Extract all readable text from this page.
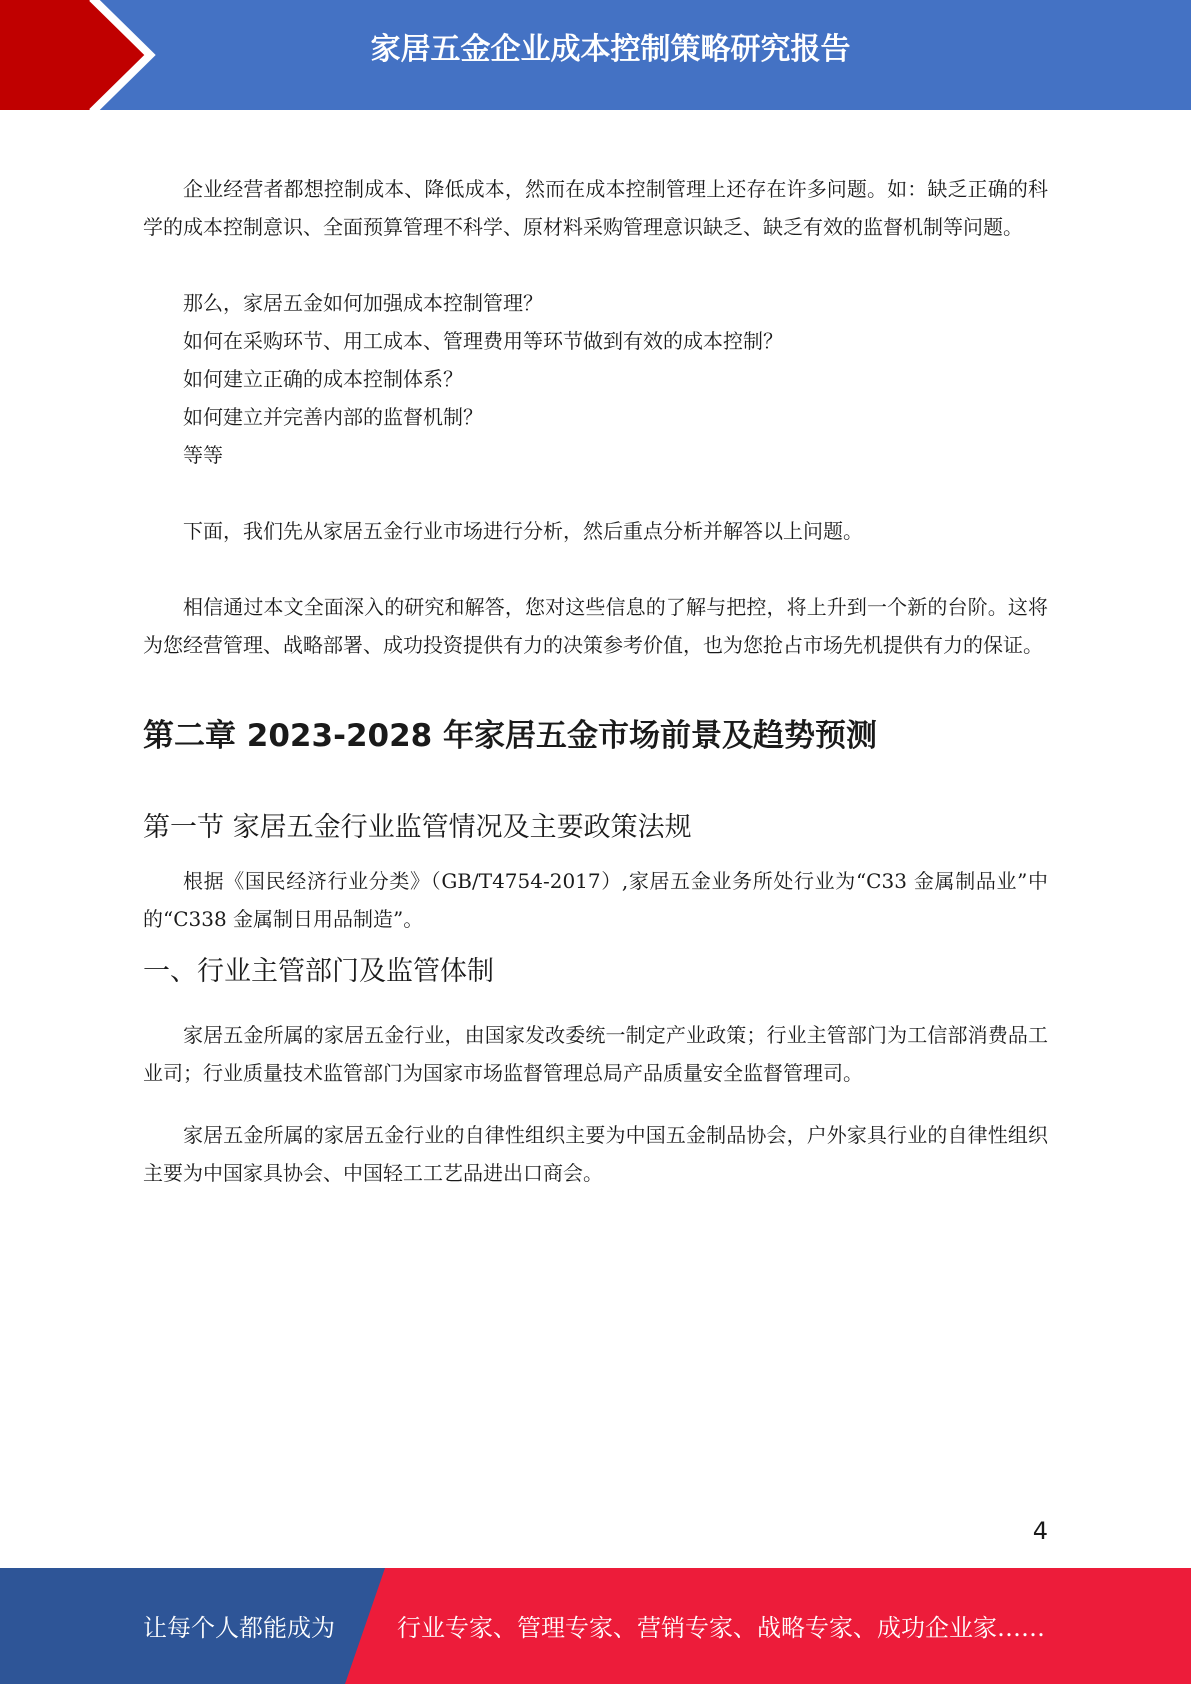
家居五金企业成本控制策略研究报告

企业经营者都想控制成本、降低成本，然而在成本控制管理上还存在许多问题。如：缺乏正确的科学的成本控制意识、全面预算管理不科学、原材料采购管理意识缺乏、缺乏有效的监督机制等问题。

那么，家居五金如何加强成本控制管理？

如何在采购环节、用工成本、管理费用等环节做到有效的成本控制？

如何建立正确的成本控制体系？

如何建立并完善内部的监督机制？

等等

下面，我们先从家居五金行业市场进行分析，然后重点分析并解答以上问题。

相信通过本文全面深入的研究和解答，您对这些信息的了解与把控，将上升到一个新的台阶。这将为您经营管理、战略部署、成功投资提供有力的决策参考价值，也为您抢占市场先机提供有力的保证。

第二章 2023-2028 年家居五金市场前景及趋势预测
第一节 家居五金行业监管情况及主要政策法规

根据《国民经济行业分类》（GB/T4754-2017）,家居五金业务所处行业为“C33 金属制品业”中的“C338 金属制日用品制造”。

一、行业主管部门及监管体制

家居五金所属的家居五金行业，由国家发改委统一制定产业政策；行业主管部门为工信部消费品工业司；行业质量技术监管部门为国家市场监督管理总局产品质量安全监督管理司。

家居五金所属的家居五金行业的自律性组织主要为中国五金制品协会，户外家具行业的自律性组织主要为中国家具协会、中国轻工工艺品进出口商会。

4
让每个人都能成为	行业专家、管理专家、营销专家、战略专家、成功企业家……
